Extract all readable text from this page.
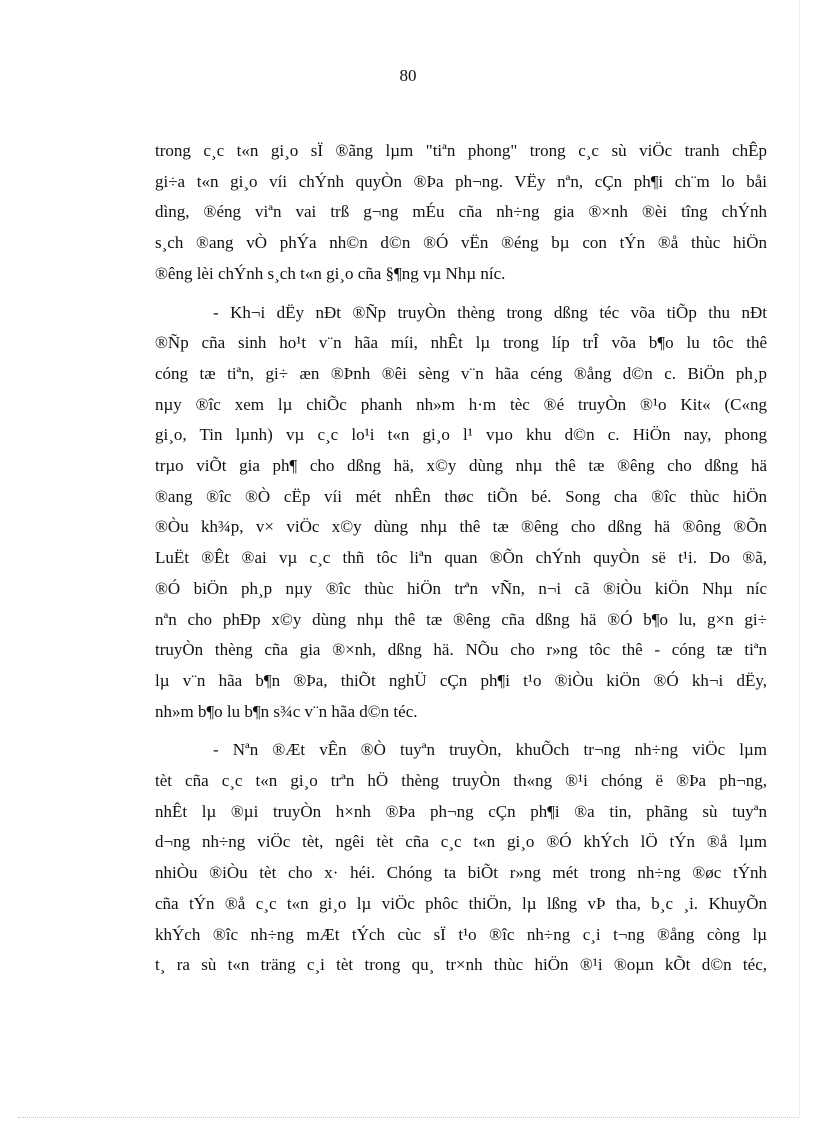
80
trong c¸c t«n gi¸o sÏ ®ãng lµm "tiªn phong" trong c¸c sù viÖc tranh chÊp
gi÷a t«n gi¸o víi chÝnh quyÒn ®Þa ph¬ng. VËy nªn, cÇn ph¶i ch¨m lo båi
dìng, ®éng viªn vai trß g¬ng mÉu cña nh÷ng gia ®×nh ®èi tîng chÝnh
s¸ch ®ang vÒ phÝa nh©n d©n ®Ó vËn ®éng bµ con tÝn ®å thùc hiÖn
®êng lèi chÝnh s¸ch t«n gi¸o cña §¶ng vµ Nhµ níc.
- Kh¬i dËy nÐt ®Ñp truyÒn thèng trong dßng téc võa tiÕp thu nÐt
®Ñp cña sinh ho¹t v¨n hãa míi, nhÊt lµ trong líp trÎ võa b¶o lu tôc thê
cóng tæ tiªn, gi÷ æn ®Þnh ®êi sèng v¨n hãa céng ®ång d©n c. BiÖn ph¸p
nµy ®îc xem lµ chiÕc phanh nh»m h·m tèc ®é truyÒn ®¹o Kit« (C«ng
gi¸o, Tin lµnh) vµ c¸c lo¹i t«n gi¸o l¹ vµo khu d©n c. HiÖn nay, phong
trµo viÕt gia ph¶ cho dßng hä, x©y dùng nhµ thê tæ ®êng cho dßng hä
®ang ®îc ®Ò cËp víi mét nhÊn thøc tiÕn bé. Song cha ®îc thùc hiÖn
®Òu kh¾p, v× viÖc x©y dùng nhµ thê tæ ®êng cho dßng hä ®ông ®Õn
LuËt ®Êt ®ai vµ c¸c thñ tôc liªn quan ®Õn chÝnh quyÒn së t¹i. Do ®ã,
®Ó biÖn ph¸p nµy ®îc thùc hiÖn trªn vÑn, n¬i cã ®iÒu kiÖn Nhµ níc
nªn cho phÐp x©y dùng nhµ thê tæ ®êng cña dßng hä ®Ó b¶o lu, g×n gi÷
truyÒn thèng cña gia ®×nh, dßng hä. NÕu cho r»ng tôc thê - cóng tæ tiªn
lµ v¨n hãa b¶n ®Þa, thiÕt nghÜ cÇn ph¶i t¹o ®iÒu kiÖn ®Ó kh¬i dËy,
nh»m b¶o lu b¶n s¾c v¨n hãa d©n téc.
- Nªn ®Æt vÊn ®Ò tuyªn truyÒn, khuÕch tr¬ng nh÷ng viÖc lµm
tèt cña c¸c t«n gi¸o trªn hÖ thèng truyÒn th«ng ®¹i chóng ë ®Þa ph¬ng,
nhÊt lµ ®µi truyÒn h×nh ®Þa ph¬ng cÇn ph¶i ®a tin, phãng sù tuyªn
d¬ng nh÷ng viÖc tèt, ngêi tèt cña c¸c t«n gi¸o ®Ó khÝch lÖ tÝn ®å lµm
nhiÒu ®iÒu tèt cho x· héi. Chóng ta biÕt r»ng mét trong nh÷ng ®øc tÝnh
cña tÝn ®å c¸c t«n gi¸o lµ viÖc phôc thiÖn, lµ lßng vÞ tha, b¸c ¸i. KhuyÕn
khÝch ®îc nh÷ng mÆt tÝch cùc sÏ t¹o ®îc nh÷ng c¸i t¬ng ®ång còng lµ
t¸ ra sù t«n träng c¸i tèt trong qu¸ tr×nh thùc hiÖn ®¹i ®oµn kÕt d©n téc,
